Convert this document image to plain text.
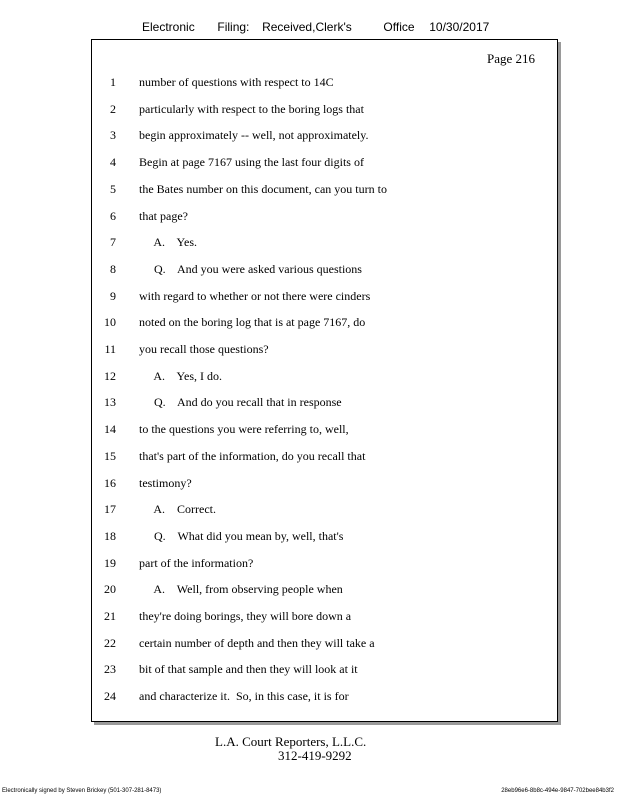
Electronic Filing: Received,Clerk's	Office 10/30/2017
Page 216
1 number of questions with respect to 14C
2 particularly with respect to the boring logs that
3 begin approximately -- well, not approximately.
4 Begin at page 7167 using the last four digits of
5 the Bates number on this document, can you turn to
6 that page?
7 A.    Yes.
8 Q.    And you were asked various questions
9 with regard to whether or not there were cinders
10 noted on the boring log that is at page 7167, do
11 you recall those questions?
12 A.    Yes, I do.
13 Q.    And do you recall that in response
14 to the questions you were referring to, well,
15 that's part of the information, do you recall that
16 testimony?
17 A.    Correct.
18 Q.    What did you mean by, well, that's
19 part of the information?
20 A.    Well, from observing people when
21 they're doing borings, they will bore down a
22 certain number of depth and then they will take a
23 bit of that sample and then they will look at it
24 and characterize it.  So, in this case, it is for
L.A. Court Reporters, L.L.C.
312-419-9292
Electronically signed by Steven Brickey (501-307-281-8473)	28eb96e6-8b8c-494e-9847-702bee84b3f2
